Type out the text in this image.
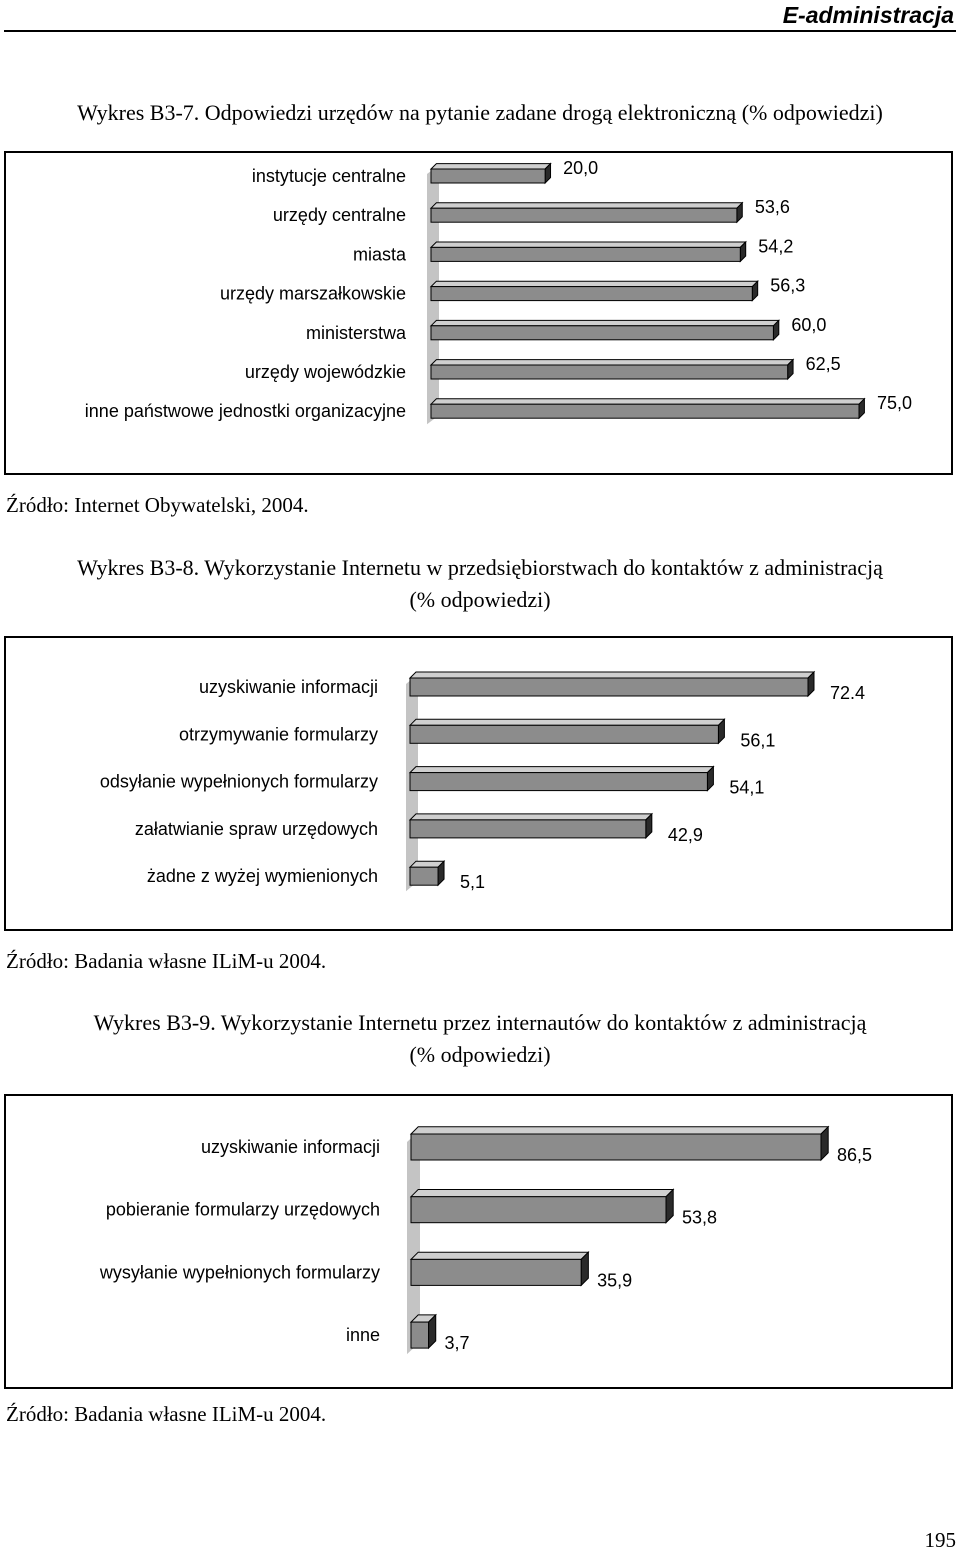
E-administracja
Wykres B3-7. Odpowiedzi urzędów na pytanie zadane drogą elektroniczną (% odpowiedzi)
instytucje centralne	20,0
urzędy centralne	53,6
miasta	54,2
urzędy marszałkowskie	56,3
ministerstwa	60,0
urzędy wojewódzkie	62,5
inne państwowe jednostki organizacyjne	75,0
Źródło: Internet Obywatelski, 2004.
Wykres B3-8. Wykorzystanie Internetu w przedsiębiorstwach do kontaktów z administracją
(% odpowiedzi)
uzyskiwanie informacji	72.4
otrzymywanie formularzy	56,1
odsyłanie wypełnionych formularzy	54,1
załatwianie spraw urzędowych	42,9
żadne z wyżej wymienionych	5,1
Źródło: Badania własne ILiM-u 2004.
Wykres B3-9. Wykorzystanie Internetu przez internautów do kontaktów z administracją
(% odpowiedzi)
uzyskiwanie informacji	86,5
pobieranie formularzy urzędowych	53,8
wysyłanie wypełnionych formularzy	35,9
inne	3,7
Źródło: Badania własne ILiM-u 2004.
195
